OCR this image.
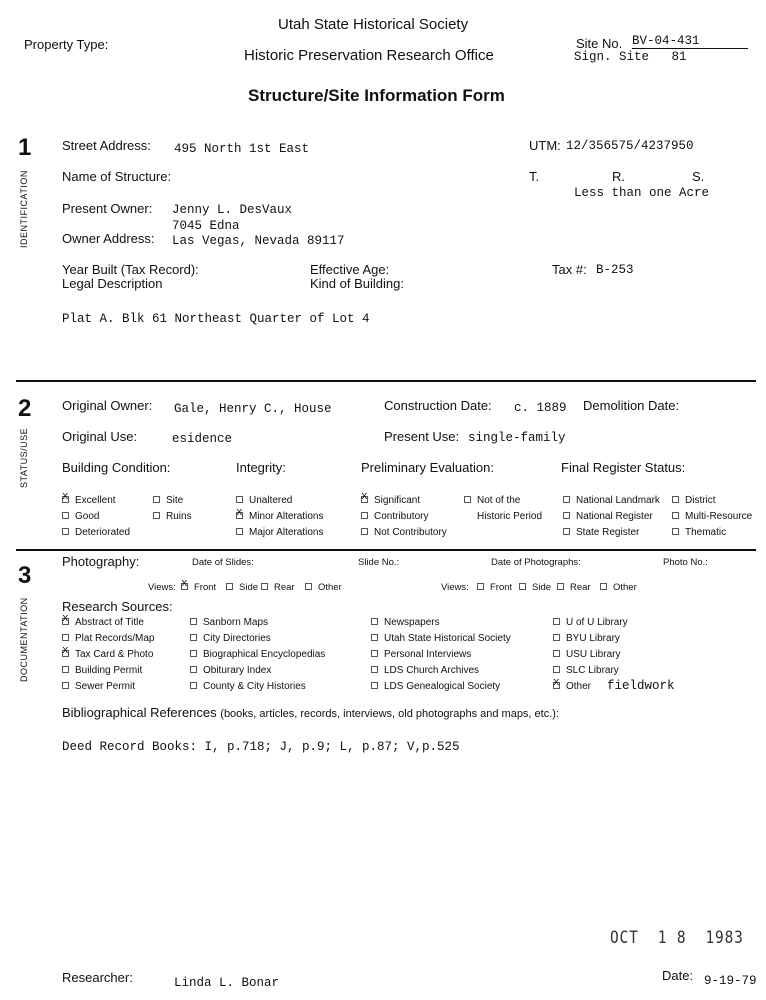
Property Type:
Utah State Historical Society
Historic Preservation Research Office
Site No. BV-04-431
Sign. Site   81
Structure/Site Information Form
1
IDENTIFICATION
Street Address: 495 North 1st East	UTM: 12/356575/4237950
Name of Structure:	T.	R.	S.
Less than one Acre
Present Owner: Jenny L. DesVaux
7045 Edna
Owner Address: Las Vegas, Nevada 89117
Year Built (Tax Record):	Effective Age:	Tax #: B-253
Legal Description	Kind of Building:
Plat A. Blk 61 Northeast Quarter of Lot 4
2
STATUS/USE
Original Owner: Gale, Henry C., House	Construction Date: c. 1889 Demolition Date:
Original Use:	esidence	Present Use: single-family
Building Condition:	Integrity:	Preliminary Evaluation:	Final Register Status:
xExcellent
Good
Deteriorated
Site
Ruins
Unaltered
xMinor Alterations
Major Alterations
xSignificant
Contributory
Not Contributory
Not of the
Historic Period
National Landmark
National Register
State Register
District
Multi-Resource
Thematic
3
DOCUMENTATION
Photography:	Date of Slides:	Slide No.:	Date of Photographs:	Photo No.:
Views:
x	Front	Side	Rear	Other	Views:	Front	Side	Rear	Other
Research Sources:
xAbstract of Title
Plat Records/Map
xTax Card & Photo
Building Permit
Sewer Permit
Sanborn Maps
City Directories
Biographical Encyclopedias
Obiturary Index
County & City Histories
Newspapers
Utah State Historical Society
Personal Interviews
LDS Church Archives
LDS Genealogical Society
U of U Library
BYU Library
USU Library
SLC Library
xOther fieldwork
Bibliographical References (books, articles, records, interviews, old photographs and maps, etc.):
Deed Record Books: I, p.718; J, p.9; L, p.87; V,p.525
OCT  1 8  1983
Researcher:	Linda L. Bonar	Date: 9-19-79
